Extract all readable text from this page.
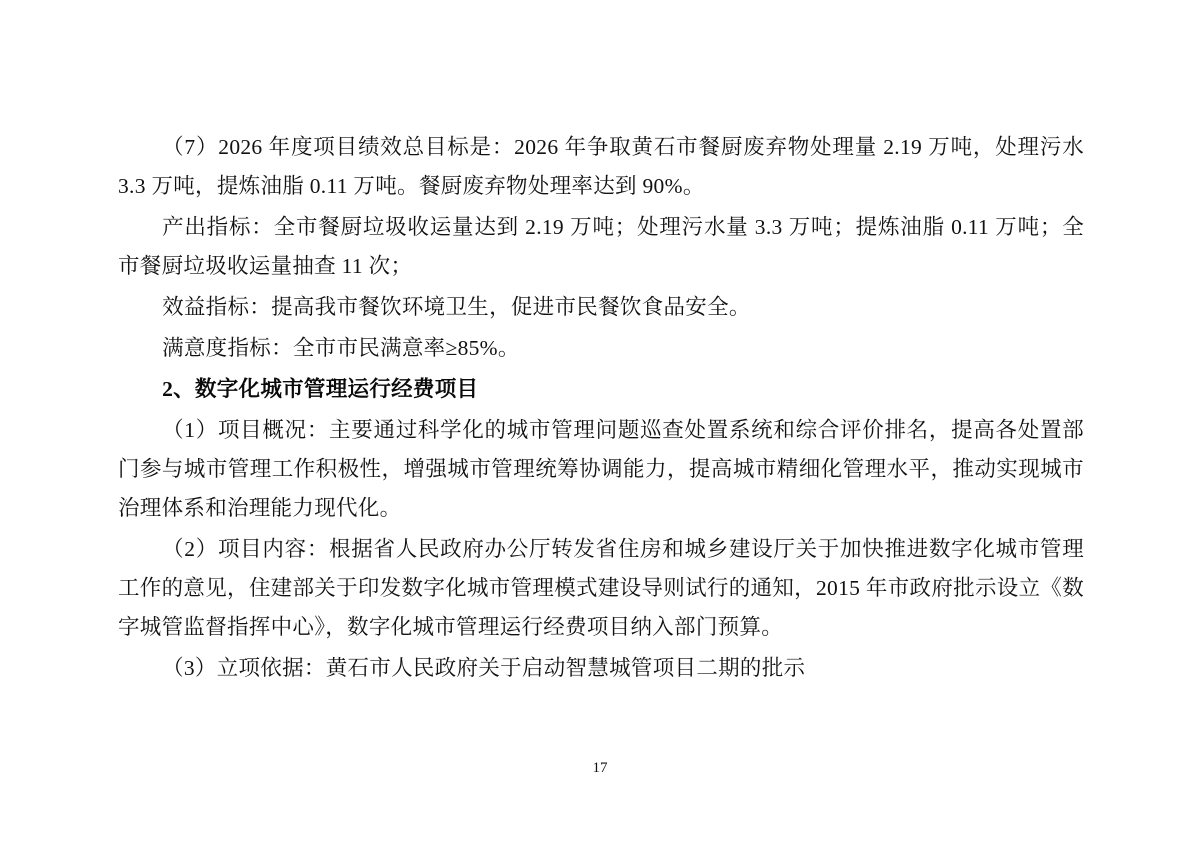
（7）2026 年度项目绩效总目标是：2026 年争取黄石市餐厨废弃物处理量 2.19 万吨，处理污水 3.3 万吨，提炼油脂 0.11 万吨。餐厨废弃物处理率达到 90%。

产出指标：全市餐厨垃圾收运量达到 2.19 万吨；处理污水量 3.3 万吨；提炼油脂 0.11 万吨；全市餐厨垃圾收运量抽查 11 次；

效益指标：提高我市餐饮环境卫生，促进市民餐饮食品安全。

满意度指标：全市市民满意率≥85%。

2、数字化城市管理运行经费项目

（1）项目概况：主要通过科学化的城市管理问题巡查处置系统和综合评价排名，提高各处置部门参与城市管理工作积极性，增强城市管理统筹协调能力，提高城市精细化管理水平，推动实现城市治理体系和治理能力现代化。

（2）项目内容：根据省人民政府办公厅转发省住房和城乡建设厅关于加快推进数字化城市管理工作的意见，住建部关于印发数字化城市管理模式建设导则试行的通知，2015 年市政府批示设立《数字城管监督指挥中心》，数字化城市管理运行经费项目纳入部门预算。

（3）立项依据：黄石市人民政府关于启动智慧城管项目二期的批示

17
